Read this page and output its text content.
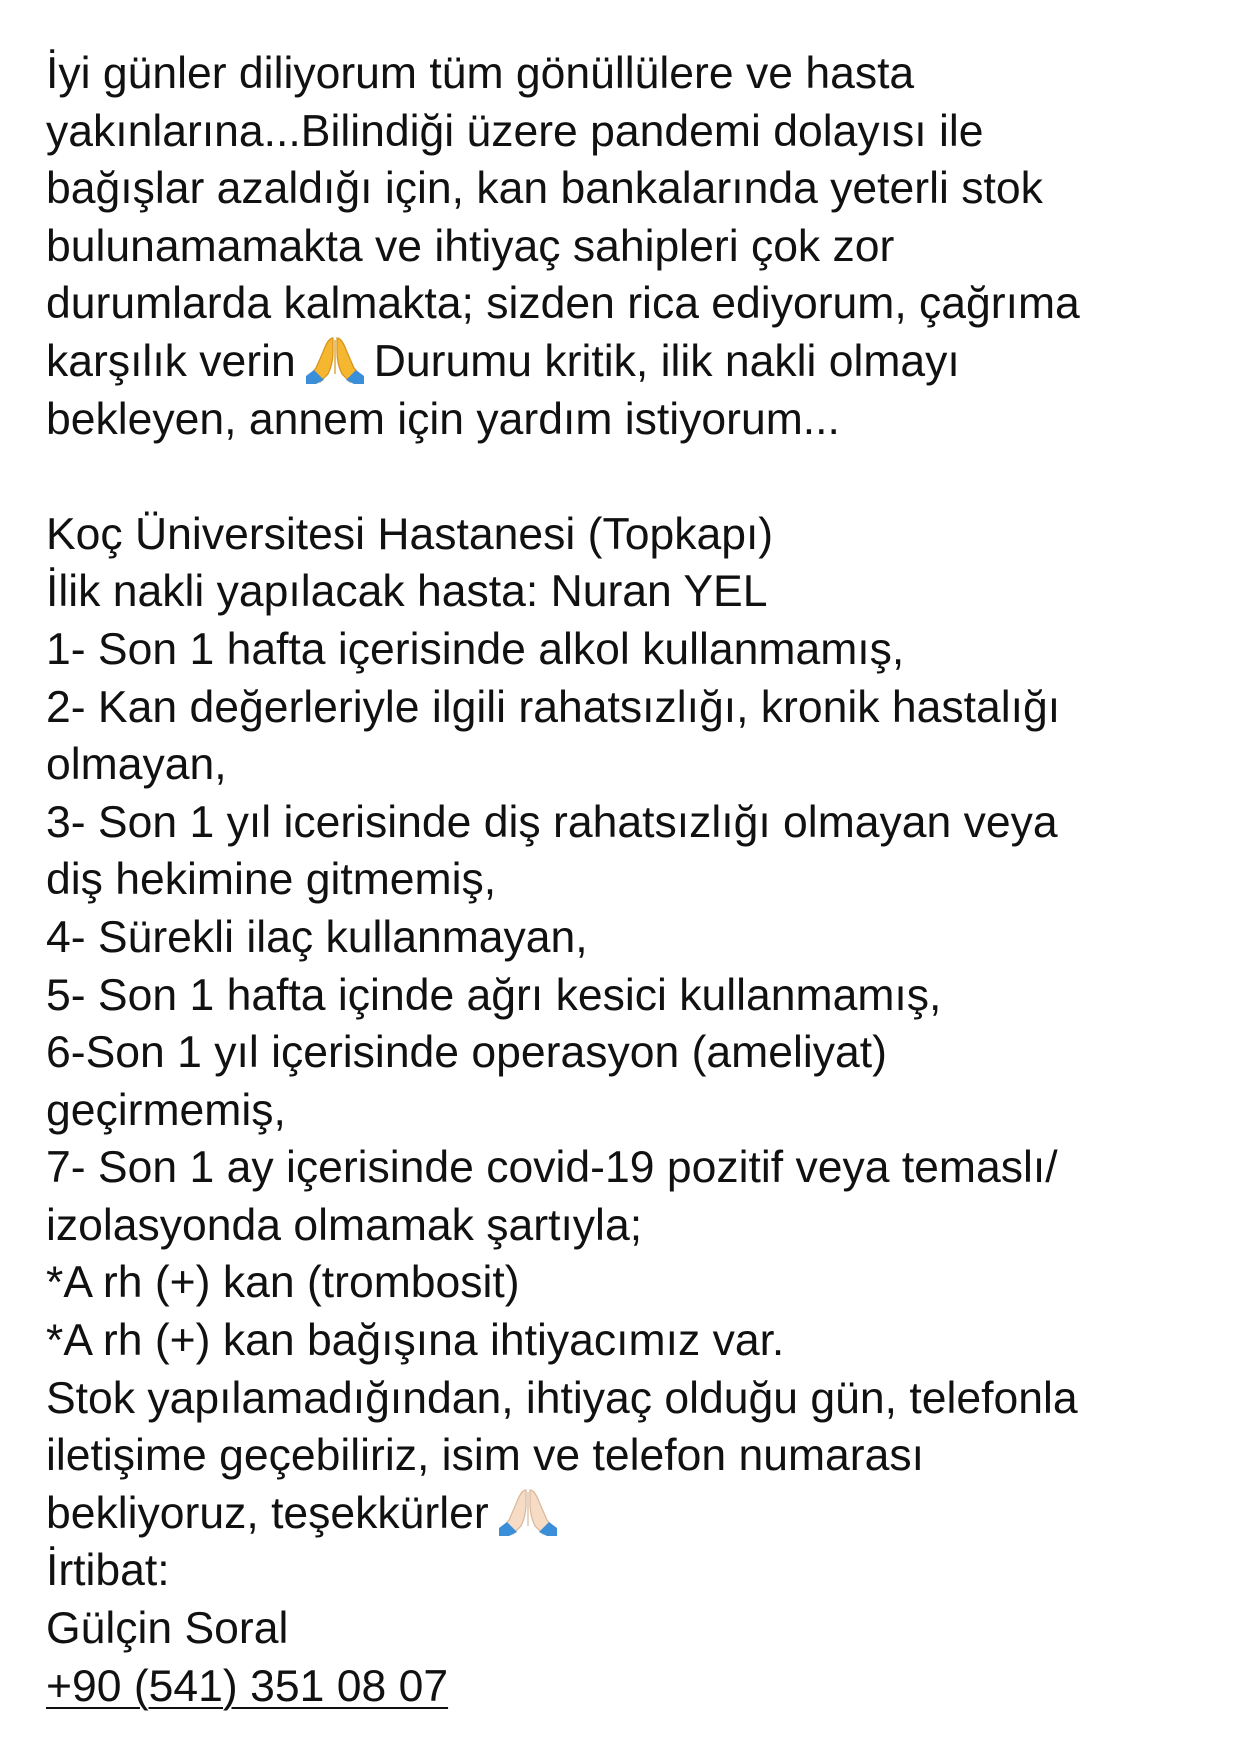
İyi günler diliyorum tüm gönüllülere ve hasta
yakınlarına...Bilindiği üzere pandemi dolayısı ile
bağışlar azaldığı için, kan bankalarında yeterli stok
bulunamamakta ve ihtiyaç sahipleri çok zor
durumlarda kalmakta; sizden rica ediyorum, çağrıma
karşılık verin Durumu kritik, ilik nakli olmayı
bekleyen, annem için yardım istiyorum...
Koç Üniversitesi Hastanesi (Topkapı)
İlik nakli yapılacak hasta: Nuran YEL
1- Son 1 hafta içerisinde alkol kullanmamış,
2- Kan değerleriyle ilgili rahatsızlığı, kronik hastalığı
olmayan,
3- Son 1 yıl icerisinde diş rahatsızlığı olmayan veya
diş hekimine gitmemiş,
4- Sürekli ilaç kullanmayan,
5- Son 1 hafta içinde ağrı kesici kullanmamış,
6-Son 1 yıl içerisinde operasyon (ameliyat)
geçirmemiş,
7- Son 1 ay içerisinde covid-19 pozitif veya temaslı/
izolasyonda olmamak şartıyla;
*A rh (+) kan (trombosit)
*A rh (+) kan bağışına ihtiyacımız var.
Stok yapılamadığından, ihtiyaç olduğu gün, telefonla
iletişime geçebiliriz, isim ve telefon numarası
bekliyoruz, teşekkürler
İrtibat:
Gülçin Soral
+90 (541) 351 08 07
